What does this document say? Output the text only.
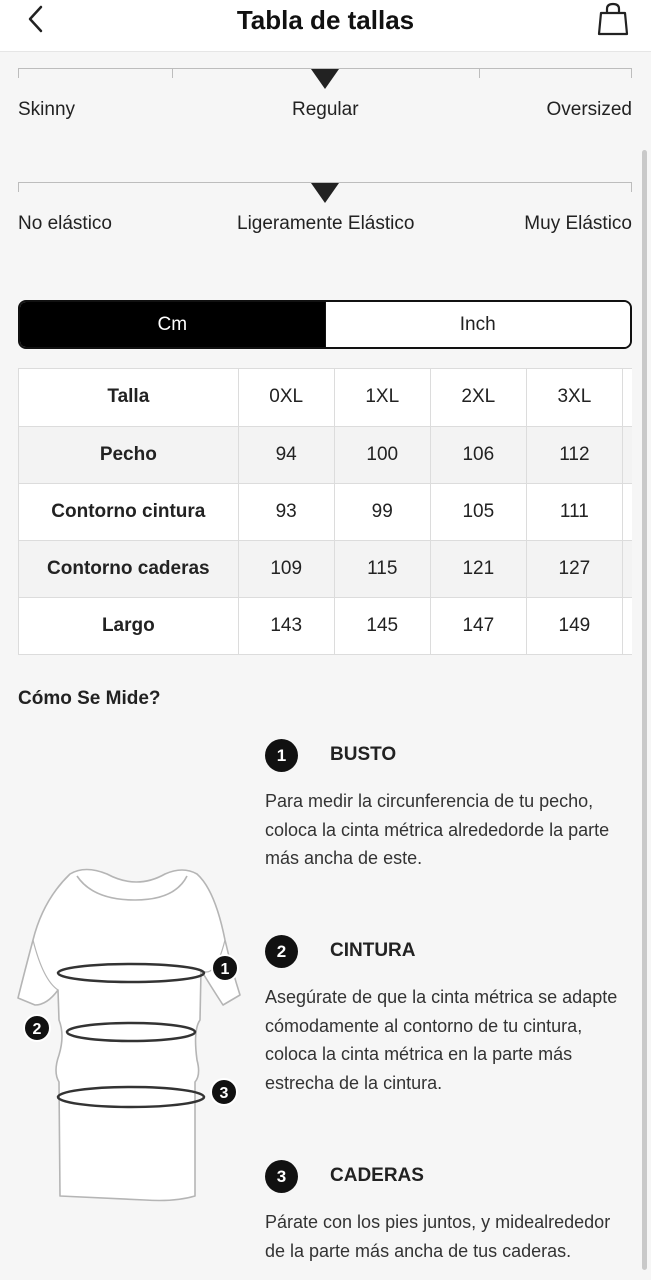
Tabla de tallas
Skinny	Regular	Oversized
No elástico	Ligeramente Elástico	Muy Elástico
Cm	Inch
Talla	0XL	1XL	2XL	3XL	
Pecho	94	100	106	112	
Contorno cintura	93	99	105	111	
Contorno caderas	109	115	121	127	
Largo	143	145	147	149	
Cómo Se Mide?
1
2
3
1	BUSTO
Para medir la circunferencia de tu pecho, coloca la cinta métrica alrededorde la parte más ancha de este.
2	CINTURA
Asegúrate de que la cinta métrica se adapte cómodamente al contorno de tu cintura, coloca la cinta métrica en la parte más estrecha de la cintura.
3	CADERAS
Párate con los pies juntos, y midealrededor de la parte más ancha de tus caderas.
